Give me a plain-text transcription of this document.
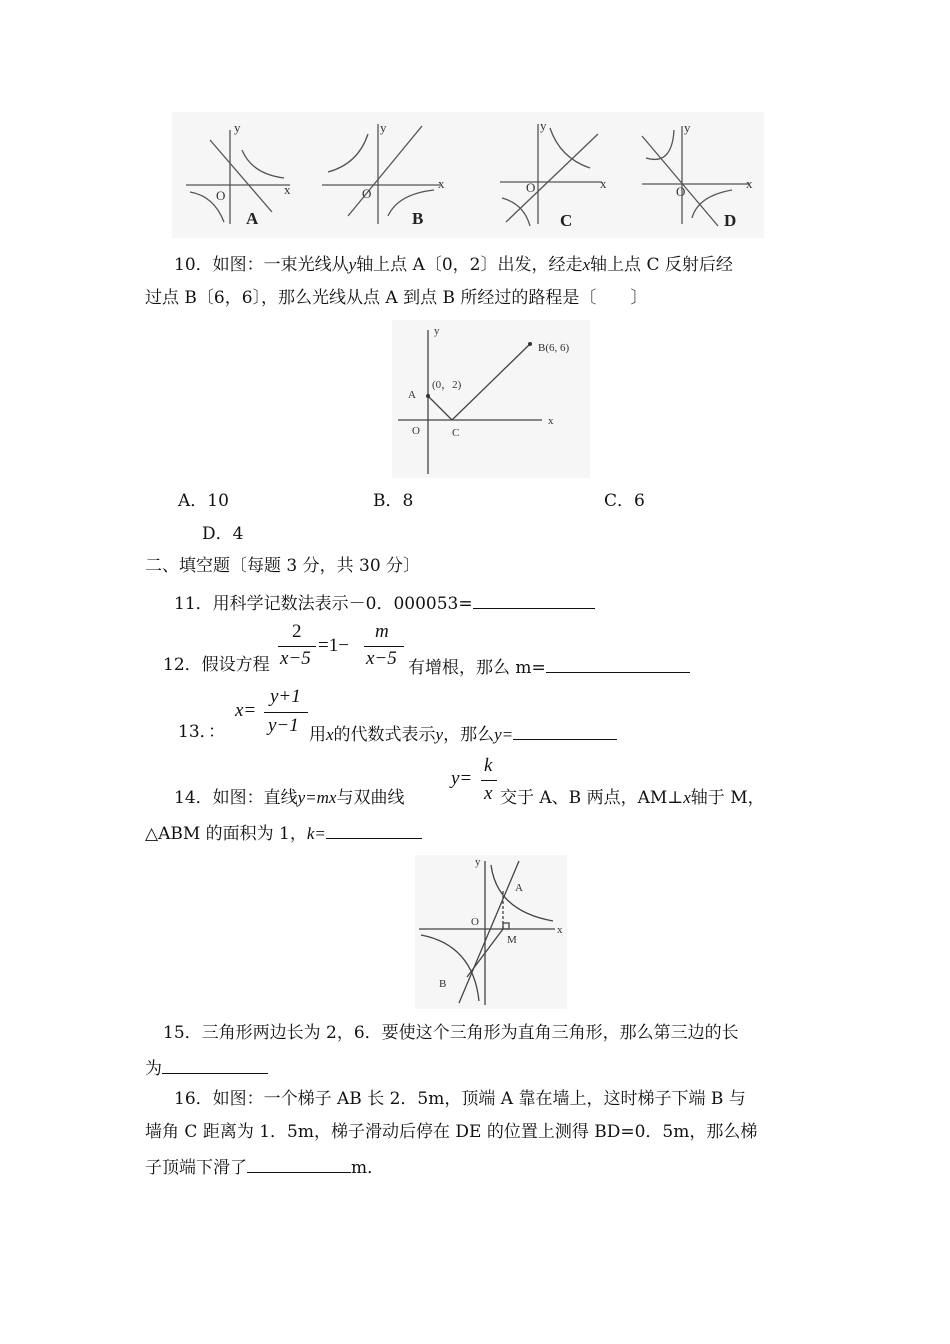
y
x
O
y
x
O
y
x
O
y
x
O
A	B	C	D
10．如图：一束光线从y轴上点 A〔0，2〕出发，经走x轴上点 C 反射后经
过点 B〔6，6〕，那么光线从点 A 到点 B 所经过的路程是〔　　〕
B(6, 6)
A
(0，2)
O	C
x
y
A．10	B．8	C．6
D．4
二、填空题〔每题 3 分，共 30 分〕
11．用科学记数法表示－0．000053=
2
x−5
=1−
m
x−5
12．假设方程	有增根，那么 m=
x=
y+1
y−1
13．：	用x的代数式表示y，那么y=
y=
k
x
14．如图：直线y=mx与双曲线	交于 A、B 两点，AM⊥x轴于 M，
△ABM 的面积为 1，k=
A
B
M
O
x
y
15．三角形两边长为 2，6．要使这个三角形为直角三角形，那么第三边的长
为
16．如图：一个梯子 AB 长 2．5m，顶端 A 靠在墙上，这时梯子下端 B 与
墙角 C 距离为 1．5m，梯子滑动后停在 DE 的位置上测得 BD=0．5m，那么梯
子顶端下滑了	m．
